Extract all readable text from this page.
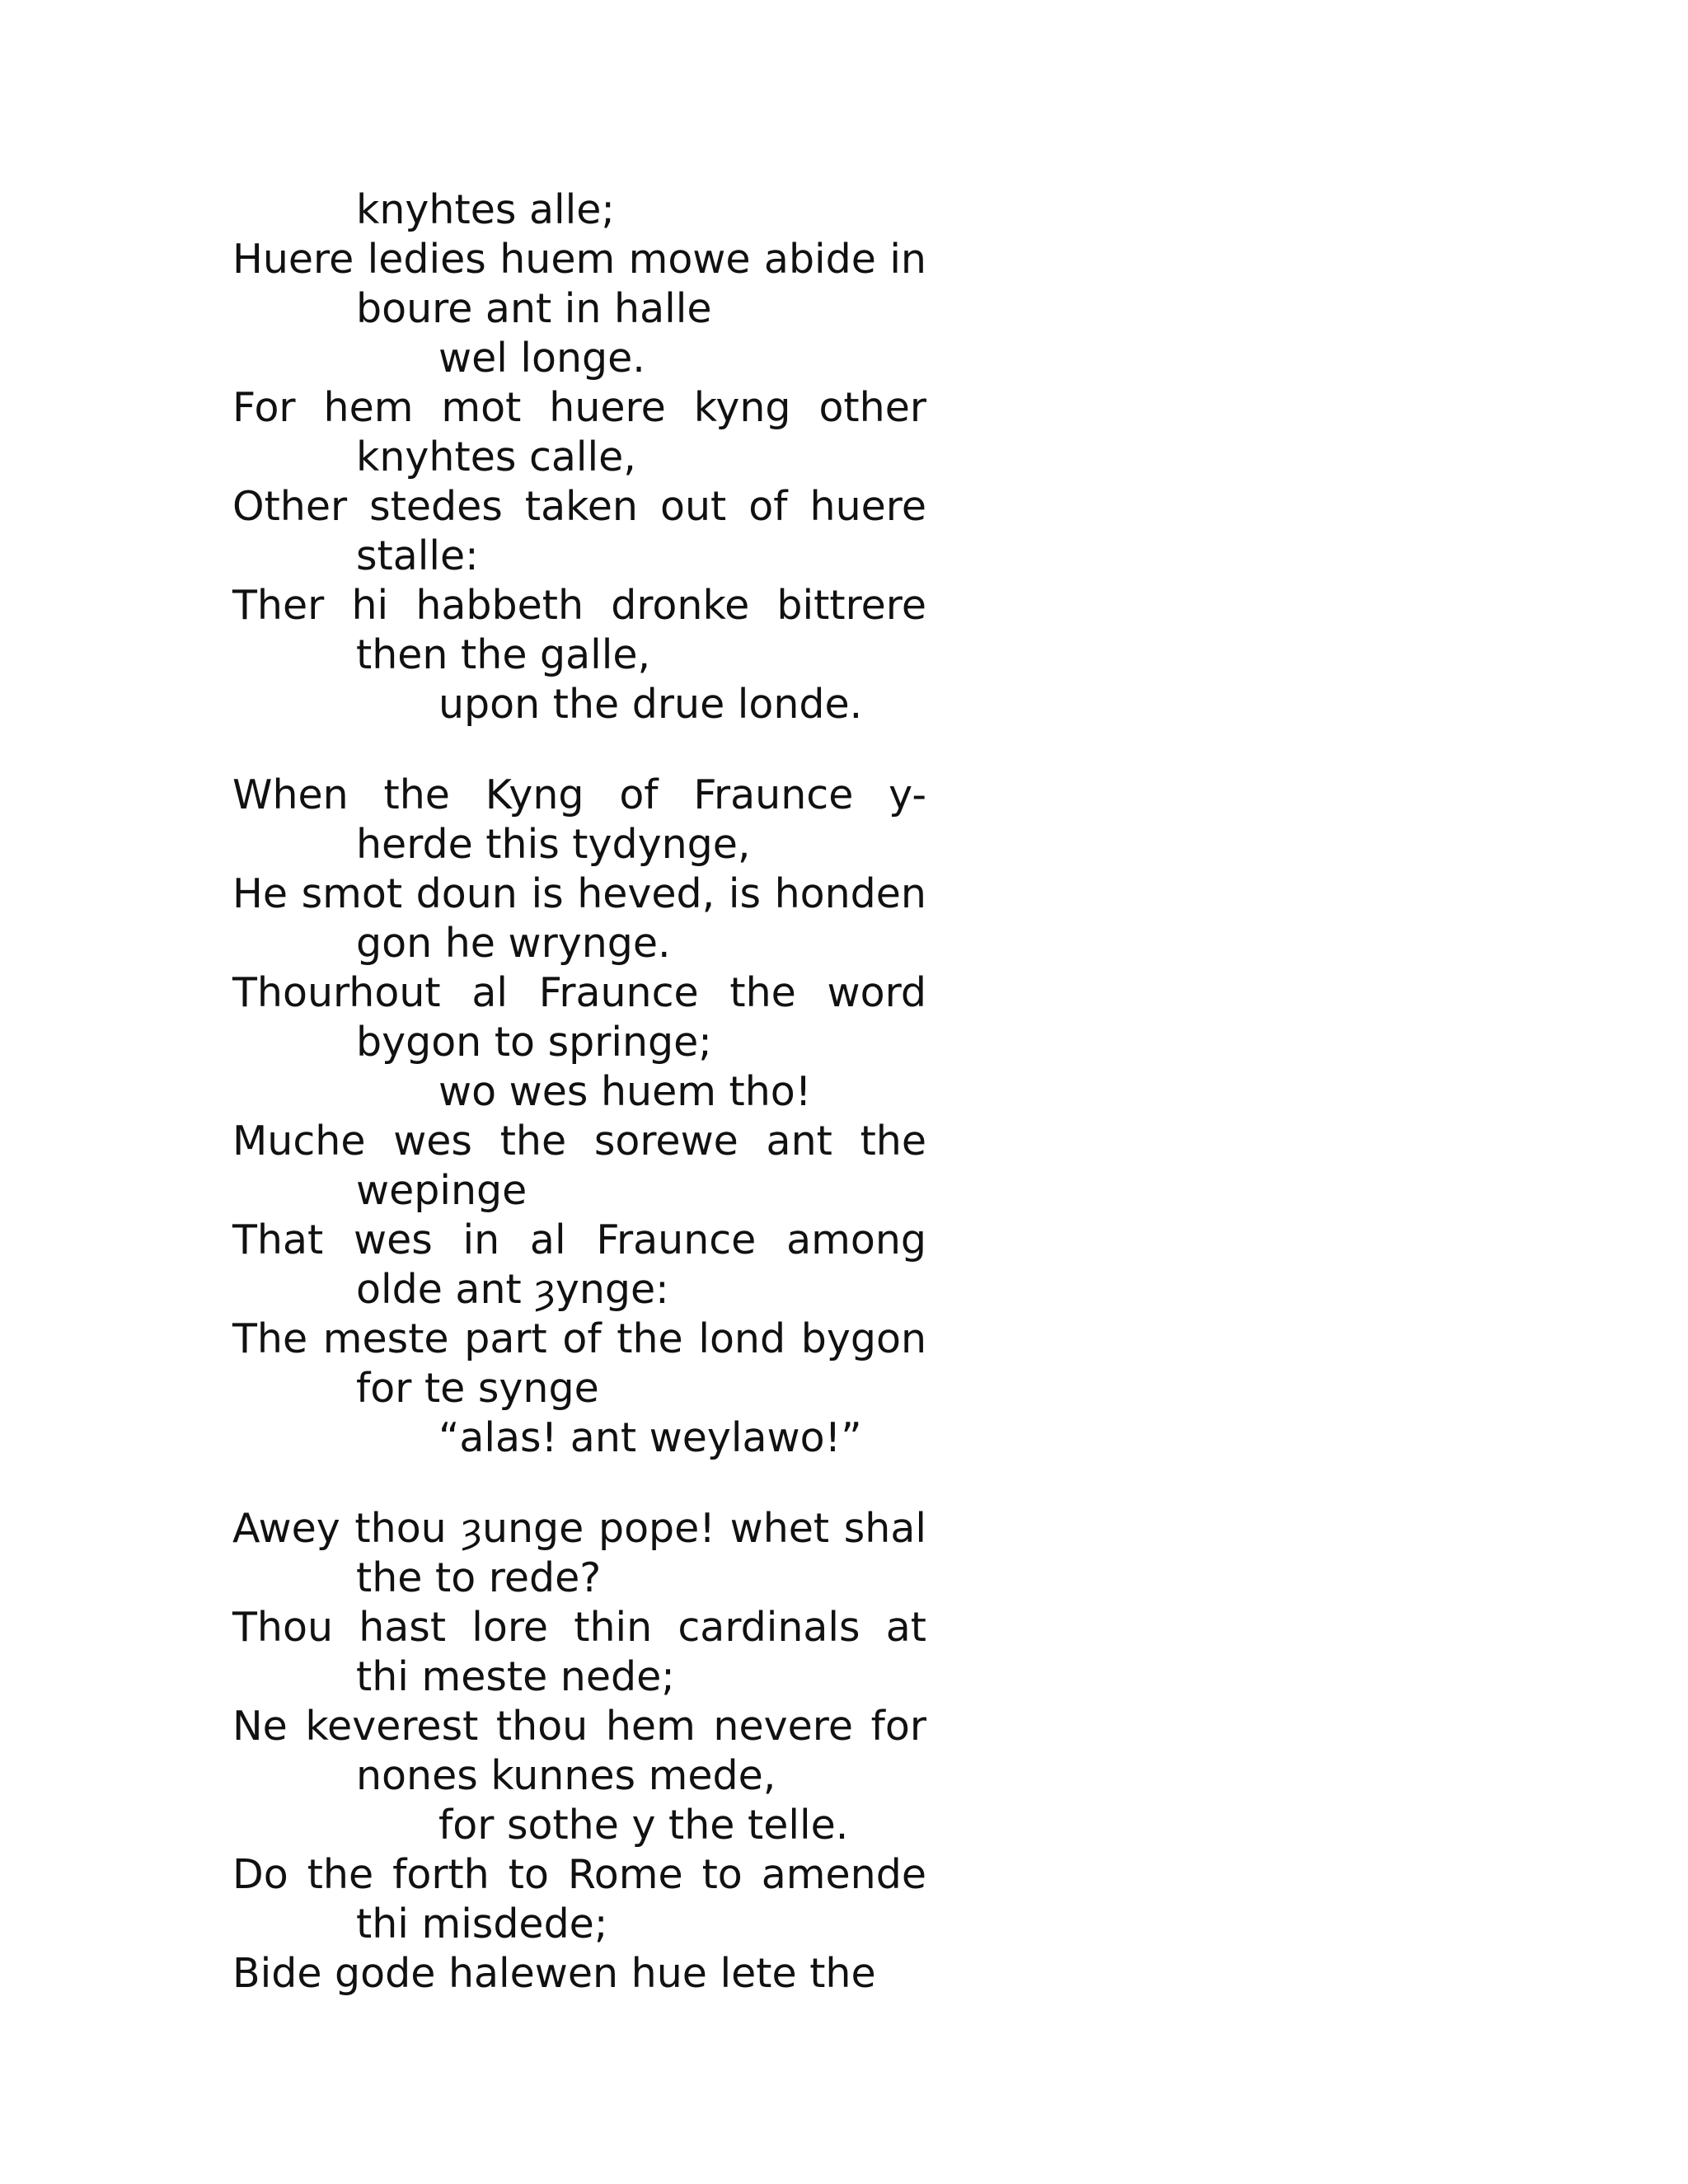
knyhtes alle;
Huere ledies huem mowe abide in boure ant in halle
wel longe.
For hem mot huere kyng other knyhtes calle,
Other stedes taken out of huere stalle:
Ther hi habbeth dronke bittrere then the galle,
upon the drue londe.
When the Kyng of Fraunce y-herde this tydynge,
He smot doun is heved, is honden gon he wrynge.
Thourhout al Fraunce the word bygon to springe;
wo wes huem tho!
Muche wes the sorewe ant the wepinge
That wes in al Fraunce among olde ant ȝynge:
The meste part of the lond bygon for te synge
“alas! ant weylawo!”
Awey thou ȝunge pope! whet shal the to rede?
Thou hast lore thin cardinals at thi meste nede;
Ne keverest thou hem nevere for nones kunnes mede,
for sothe y the telle.
Do the forth to Rome to amende thi misdede;
Bide gode halewen hue lete the
